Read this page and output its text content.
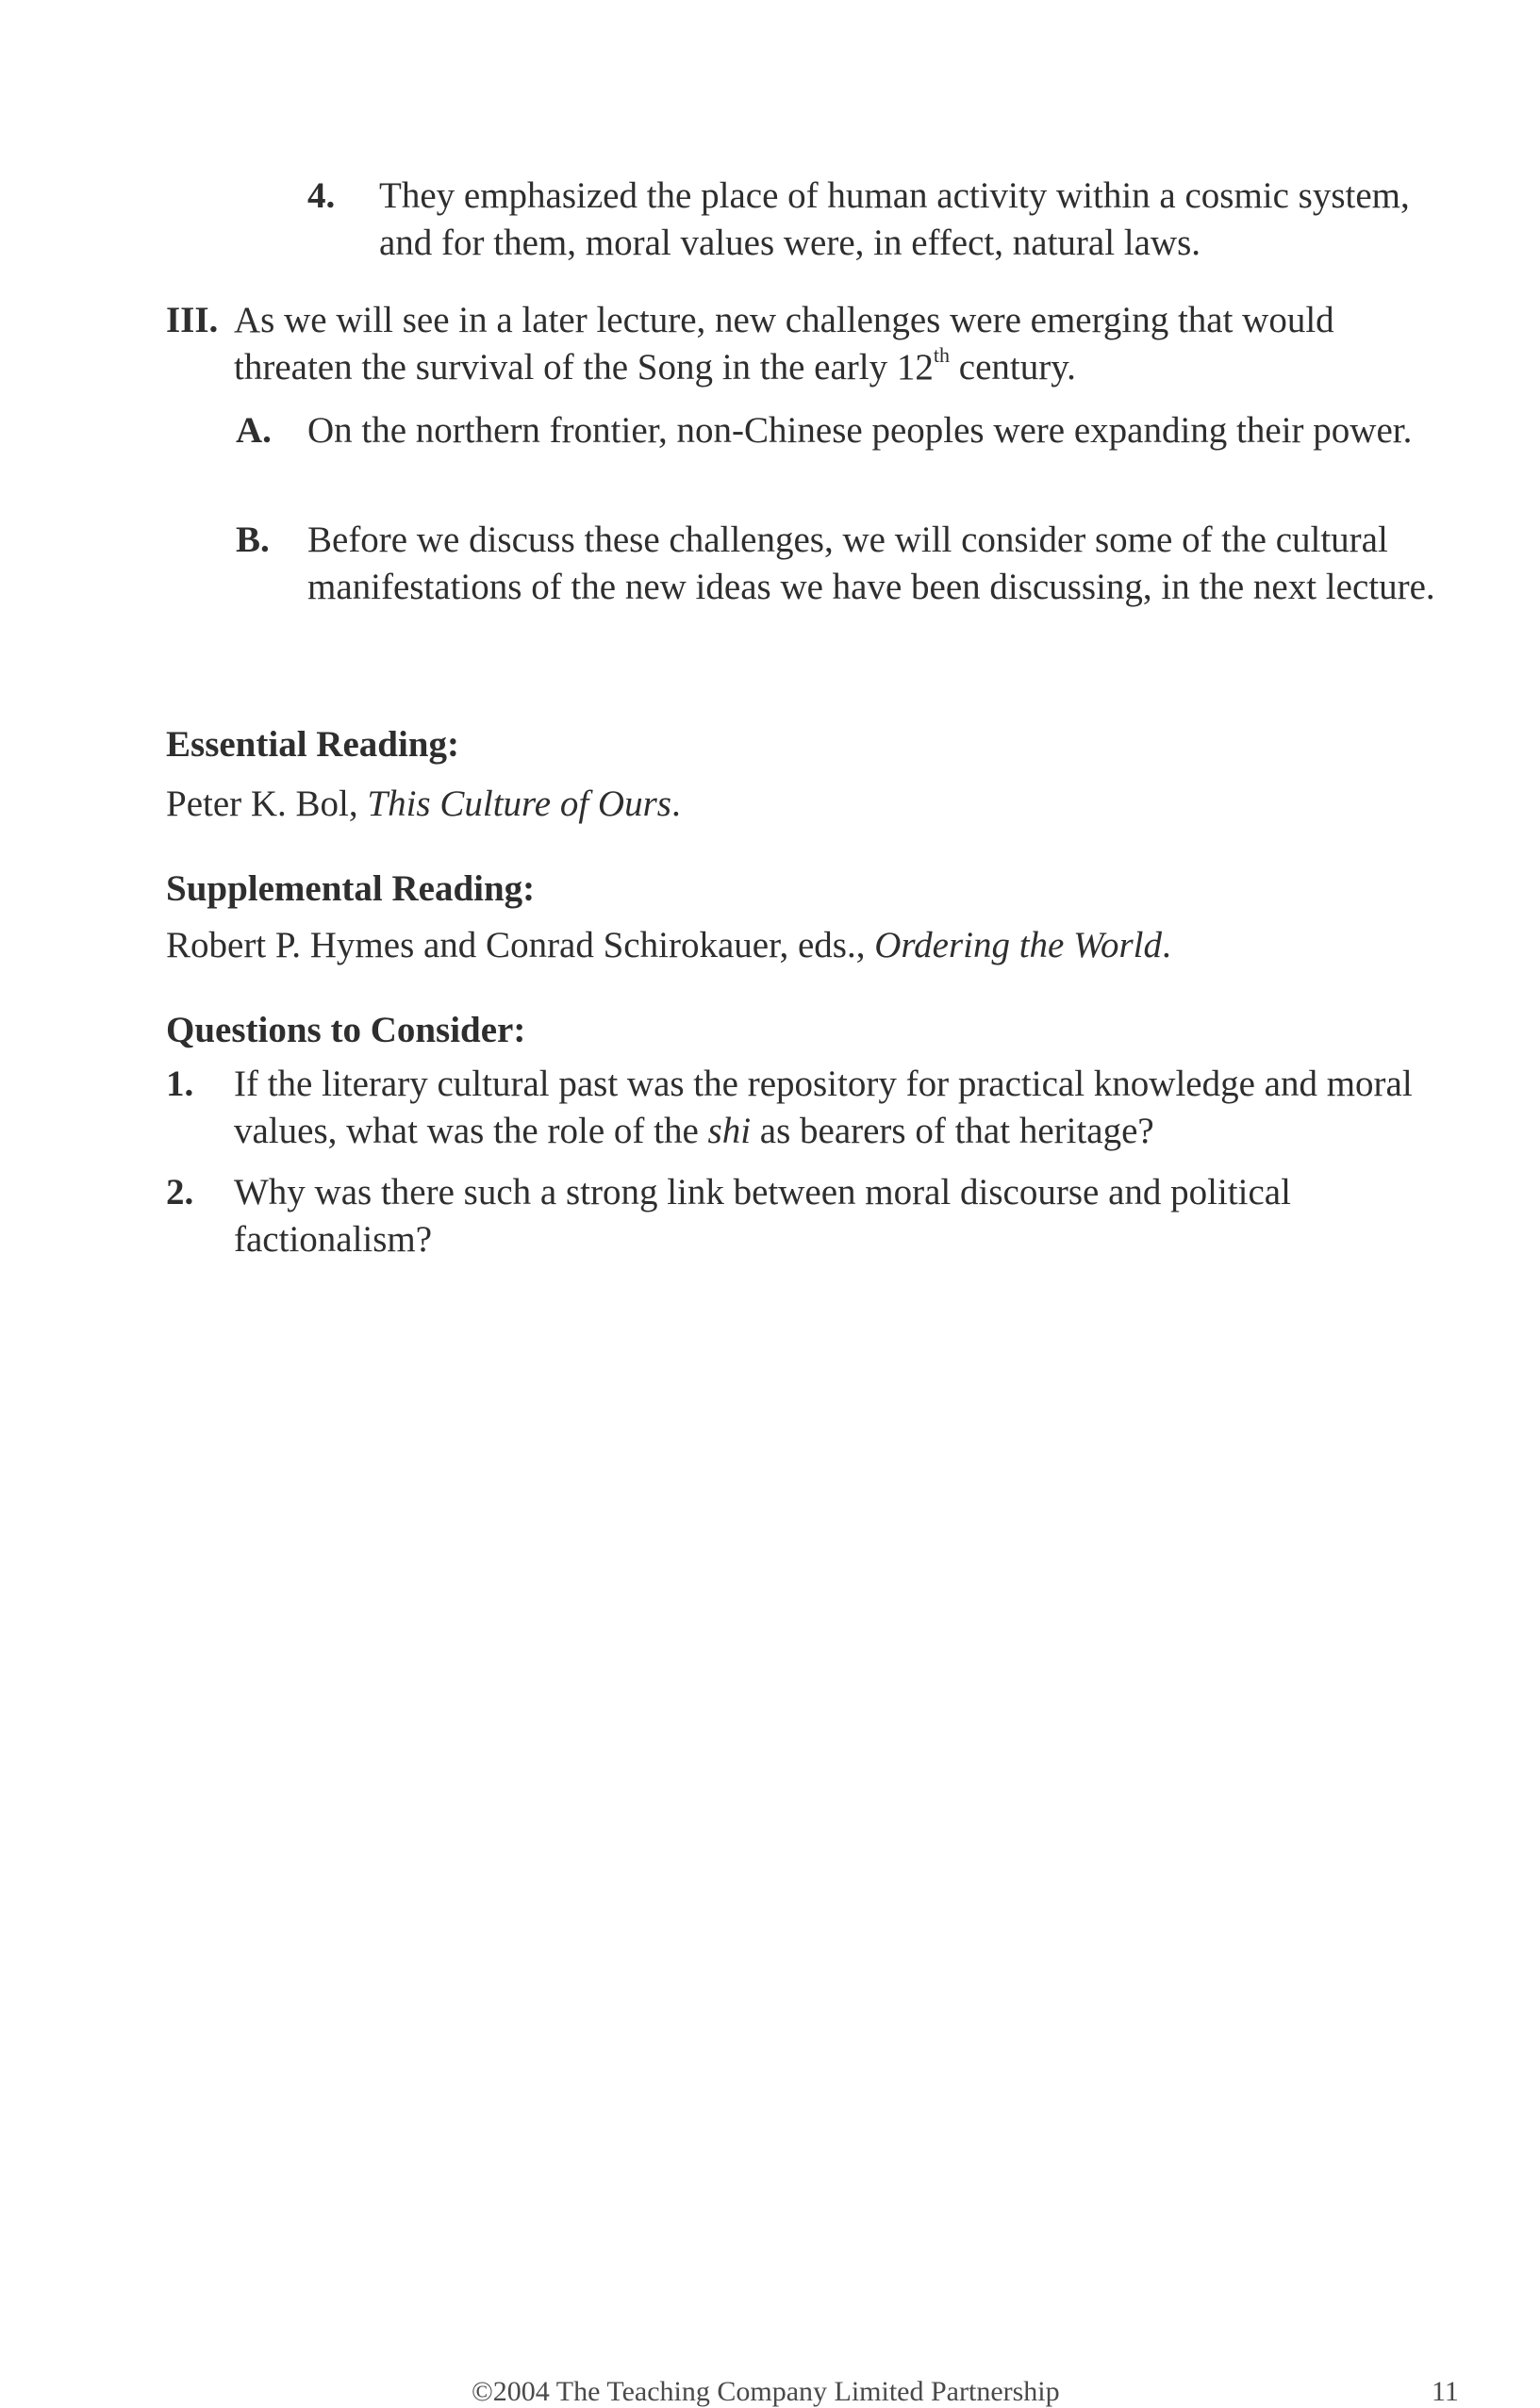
4. They emphasized the place of human activity within a cosmic system, and for them, moral values were, in effect, natural laws.
III. As we will see in a later lecture, new challenges were emerging that would threaten the survival of the Song in the early 12th century.
A. On the northern frontier, non-Chinese peoples were expanding their power.
B. Before we discuss these challenges, we will consider some of the cultural manifestations of the new ideas we have been discussing, in the next lecture.
Essential Reading:

Peter K. Bol, This Culture of Ours.

Supplemental Reading:

Robert P. Hymes and Conrad Schirokauer, eds., Ordering the World.

Questions to Consider:
1. If the literary cultural past was the repository for practical knowledge and moral values, what was the role of the shi as bearers of that heritage?
2. Why was there such a strong link between moral discourse and political factionalism?
©2004 The Teaching Company Limited Partnership	11
